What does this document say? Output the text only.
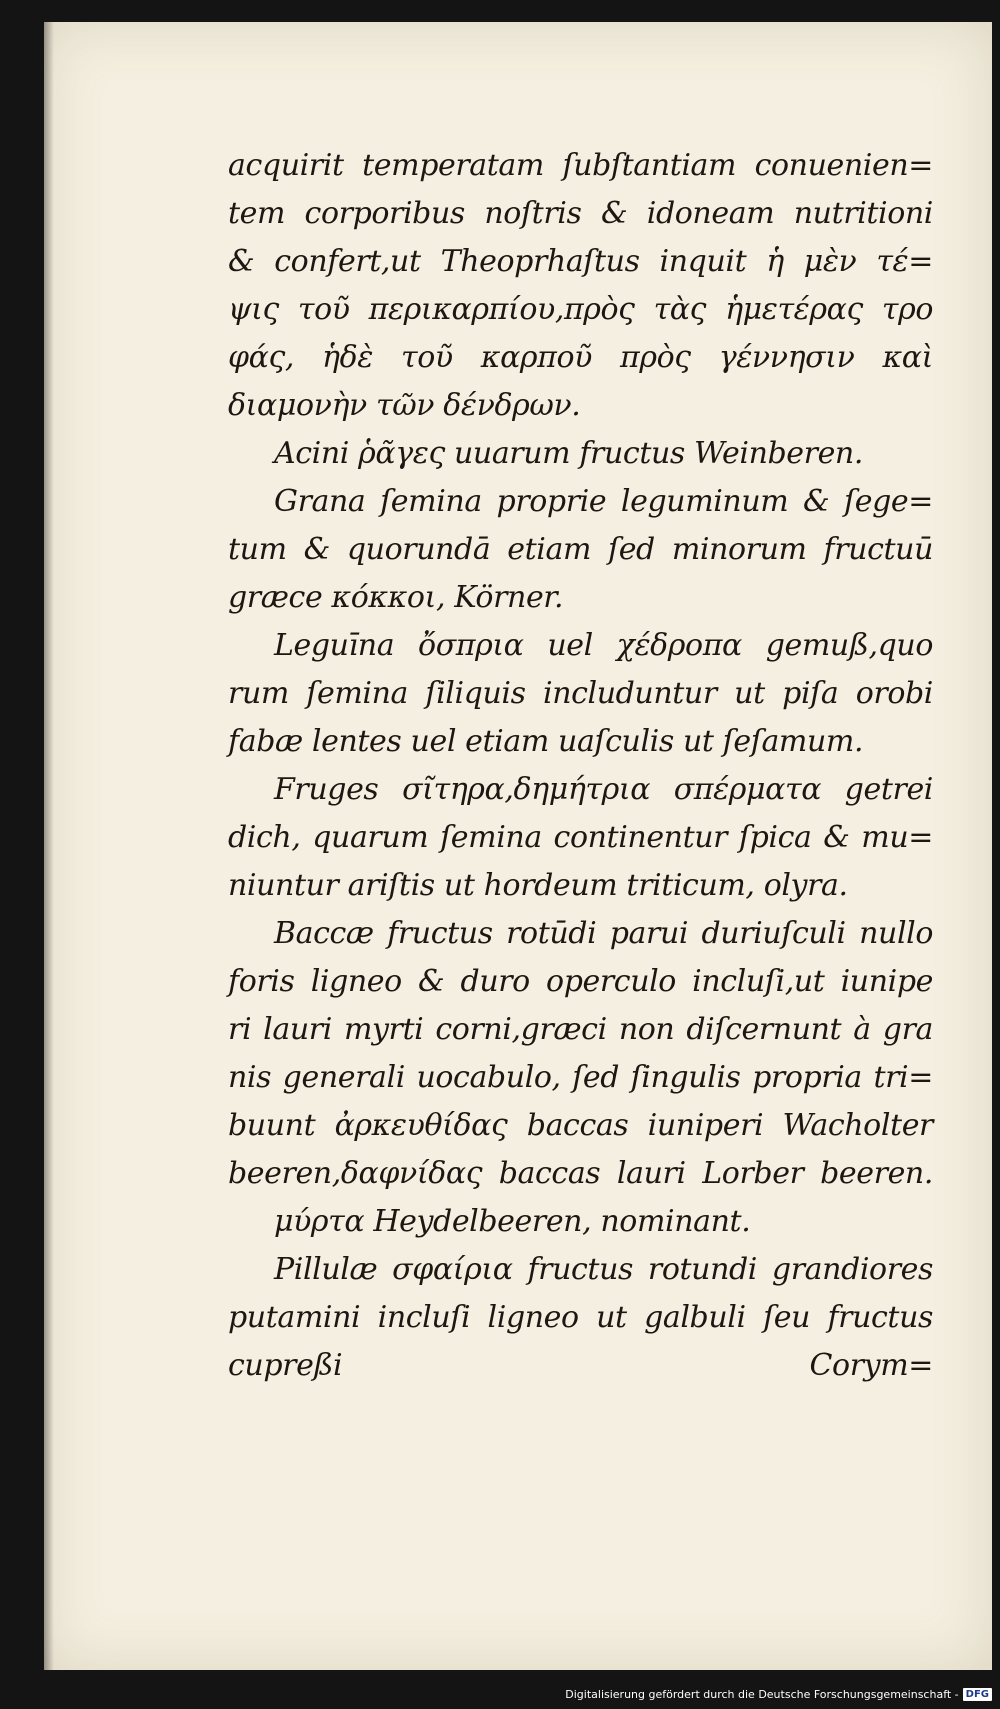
acquirit temperatam ſubſtantiam conuenien=
tem corporibus noſtris & idoneam nutritioni
& confert,ut Theoprhaſtus inquit ἡ μὲν τέ=
ψις τοῦ περικαρπίου,πρὸς τὰς ἡμετέρας τρο
φάς, ἡδὲ τοῦ καρποῦ πρὸς γέννησιν καὶ
διαμονὴν τῶν δένδρων.
Acini ῥᾶγες uuarum fructus Weinberen.
Grana ſemina proprie leguminum & ſege=
tum & quorundā etiam ſed minorum fructuū
græce κόκκοι, Körner.
Leguīna ὄσπρια uel χέδροπα gemuß,quo
rum ſemina ſiliquis includuntur ut piſa orobi
fabæ lentes uel etiam uaſculis ut ſeſamum.
Fruges σῖτηρα,δημήτρια σπέρματα getrei
dich, quarum ſemina continentur ſpica & mu=
niuntur ariſtis ut hordeum triticum, olyra.
Baccæ fructus rotūdi parui duriuſculi nullo
foris ligneo & duro operculo incluſi,ut iunipe
ri lauri myrti corni,græci non diſcernunt à gra
nis generali uocabulo, ſed ſingulis propria tri=
buunt ἀρκευθίδας baccas iuniperi Wacholter
beeren,δαφνίδας baccas lauri Lorber beeren.
μύρτα Heydelbeeren, nominant.
Pillulæ σφαίρια fructus rotundi grandiores
putamini incluſi ligneo ut galbuli ſeu fructus
cupreßi	Corym=
Digitalisierung gefördert durch die Deutsche Forschungsgemeinschaft - DFG
